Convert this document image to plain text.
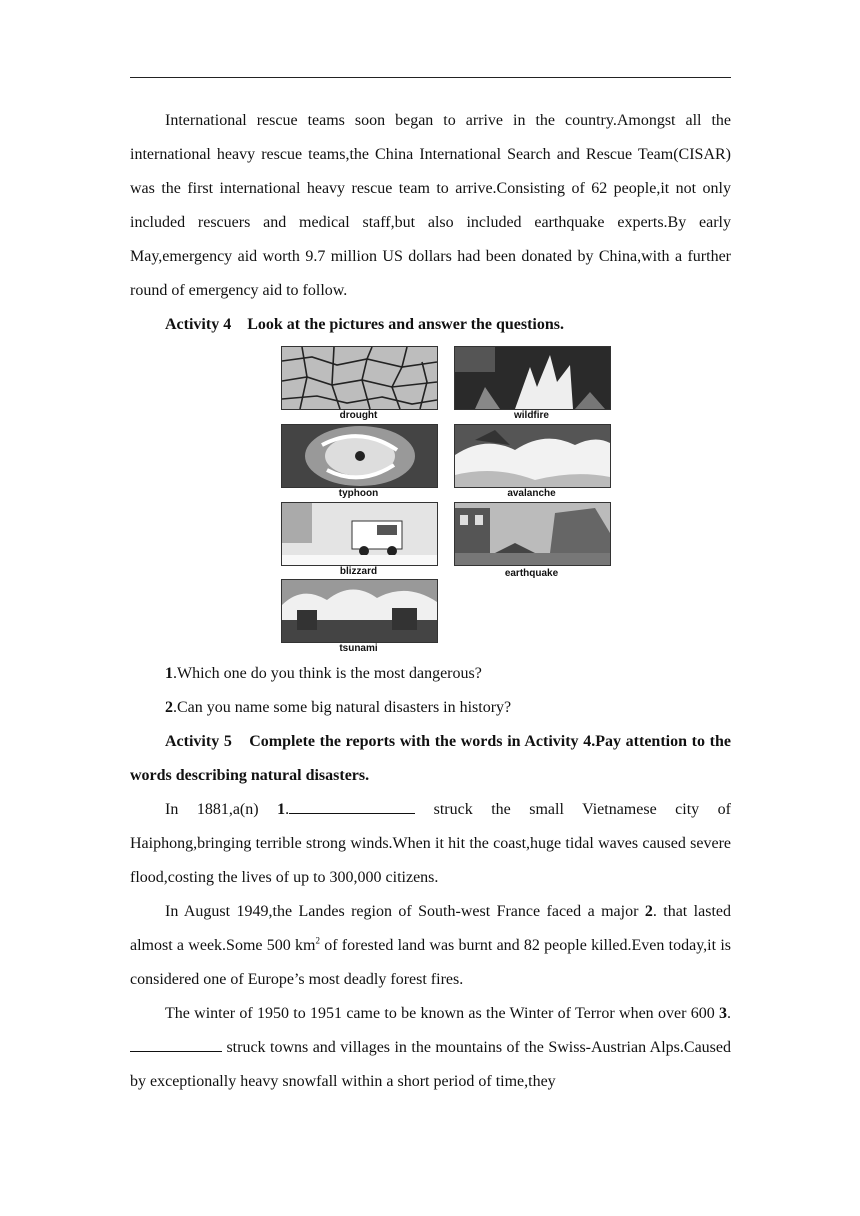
International rescue teams soon began to arrive in the country.Amongst all the international heavy rescue teams,the China International Search and Rescue Team(CISAR) was the first international heavy rescue team to arrive.Consisting of 62 people,it not only included rescuers and medical staff,but also included earthquake experts.By early May,emergency aid worth 9.7 million US dollars had been donated by China,with a further round of emergency aid to follow.

Activity 4　Look at the pictures and answer the questions.

drought	wildfire
typhoon	avalanche
blizzard	earthquake
tsunami

1.Which one do you think is the most dangerous?

2.Can you name some big natural disasters in history?

Activity 5　Complete the reports with the words in Activity 4.Pay attention to the words describing natural disasters.

In 1881,a(n) 1.	struck the small Vietnamese city of Haiphong,bringing terrible strong winds.When it hit the coast,huge tidal waves caused severe flood,costing the lives of up to 300,000 citizens.

In August 1949,the Landes region of South-west France faced a major 2. that lasted almost a week.Some 500 $km^2$ of forested land was burnt and 82 people killed.Even today,it is considered one of Europe’s most deadly forest fires.

The winter of 1950 to 1951 came to be known as the Winter of Terror when over 600 3. struck towns and villages in the mountains of the Swiss-Austrian Alps.Caused by exceptionally heavy snowfall within a short period of time,they
